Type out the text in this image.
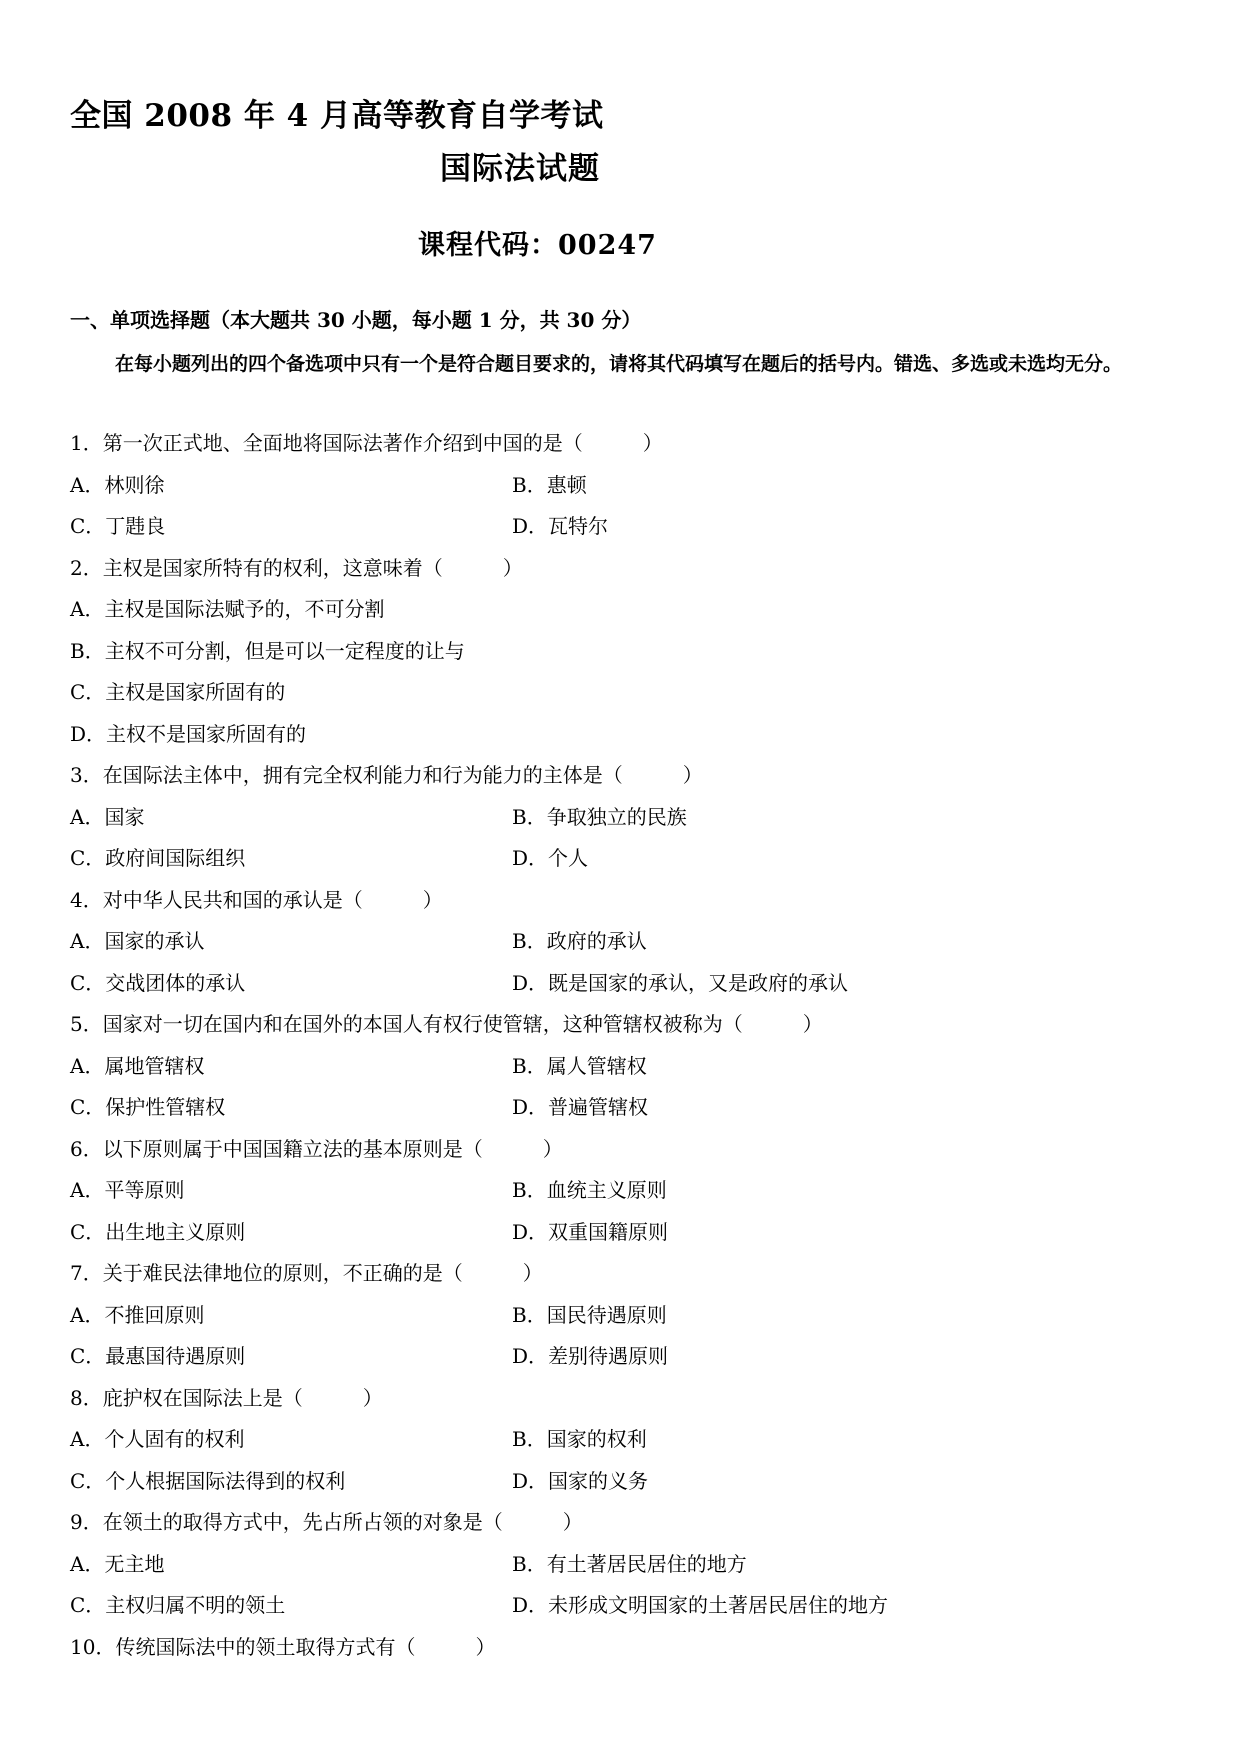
全国 2008 年 4 月高等教育自学考试
国际法试题
课程代码：00247
一、单项选择题（本大题共 30 小题，每小题 1 分，共 30 分）
在每小题列出的四个备选项中只有一个是符合题目要求的，请将其代码填写在题后的括号内。错选、多选或未选均无分。
1．第一次正式地、全面地将国际法著作介绍到中国的是（　　　）
A．林则徐	B．惠顿
C．丁韪良	D．瓦特尔
2．主权是国家所特有的权利，这意味着（　　　）
A．主权是国际法赋予的，不可分割
B．主权不可分割，但是可以一定程度的让与
C．主权是国家所固有的
D．主权不是国家所固有的
3．在国际法主体中，拥有完全权利能力和行为能力的主体是（　　　）
A．国家	B．争取独立的民族
C．政府间国际组织	D．个人
4．对中华人民共和国的承认是（　　　）
A．国家的承认	B．政府的承认
C．交战团体的承认	D．既是国家的承认，又是政府的承认
5．国家对一切在国内和在国外的本国人有权行使管辖，这种管辖权被称为（　　　）
A．属地管辖权	B．属人管辖权
C．保护性管辖权	D．普遍管辖权
6．以下原则属于中国国籍立法的基本原则是（　　　）
A．平等原则	B．血统主义原则
C．出生地主义原则	D．双重国籍原则
7．关于难民法律地位的原则，不正确的是（　　　）
A．不推回原则	B．国民待遇原则
C．最惠国待遇原则	D．差别待遇原则
8．庇护权在国际法上是（　　　）
A．个人固有的权利	B．国家的权利
C．个人根据国际法得到的权利	D．国家的义务
9．在领土的取得方式中，先占所占领的对象是（　　　）
A．无主地	B．有土著居民居住的地方
C．主权归属不明的领土	D．未形成文明国家的土著居民居住的地方
10．传统国际法中的领土取得方式有（　　　）
